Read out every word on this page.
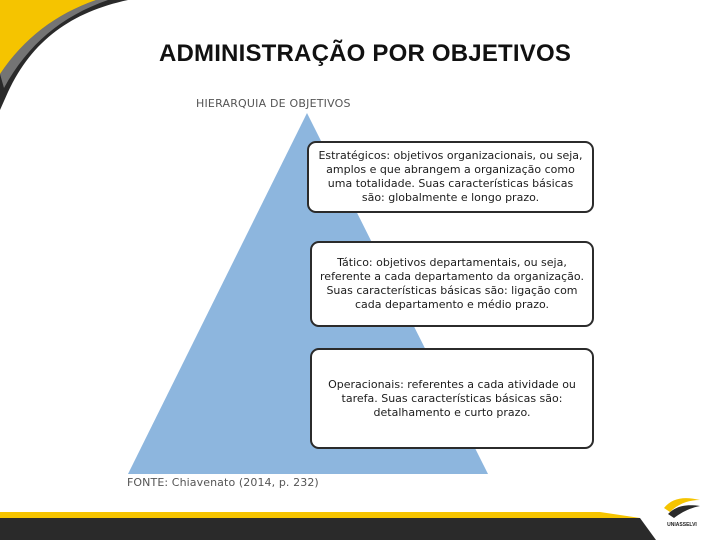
ADMINISTRAÇÃO POR OBJETIVOS
HIERARQUIA DE OBJETIVOS
Estratégicos: objetivos organizacionais, ou seja, amplos e que abrangem a organização como uma totalidade. Suas características básicas são: globalmente e longo prazo.
Tático: objetivos departamentais, ou seja, referente a cada departamento da organização. Suas características básicas são: ligação com cada departamento e médio prazo.
Operacionais: referentes a cada atividade ou tarefa. Suas características básicas são: detalhamento e curto prazo.
FONTE: Chiavenato (2014, p. 232)
UNIASSELVI
